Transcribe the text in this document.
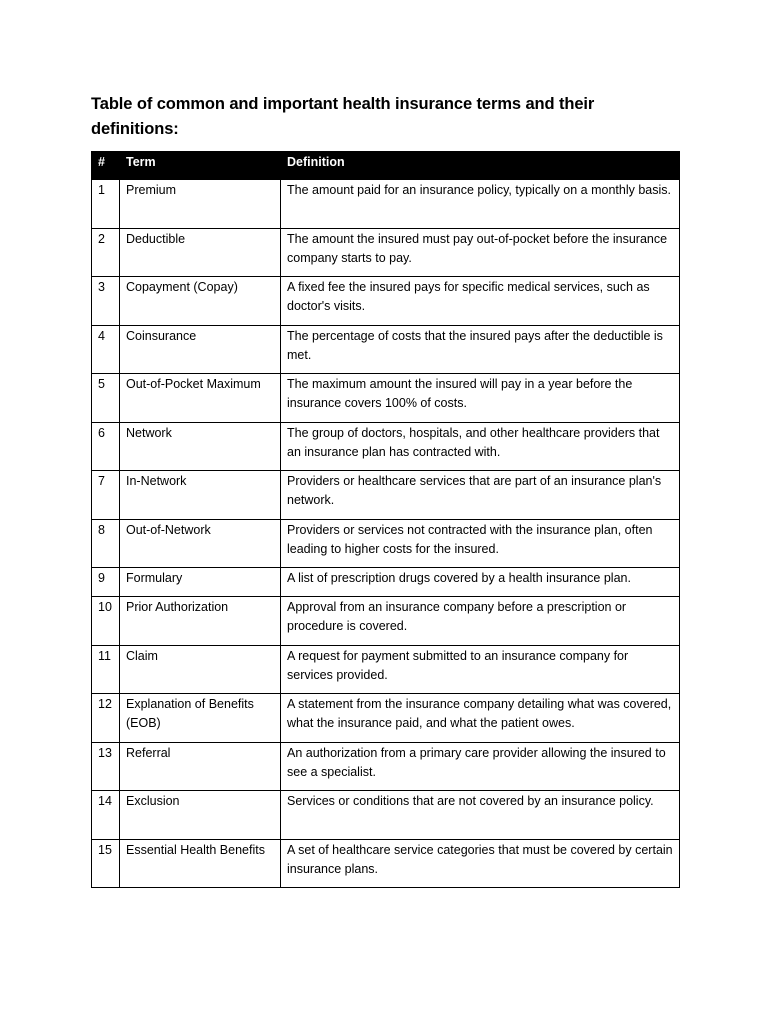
Table of common and important health insurance terms and their definitions:
#	Term	Definition
1	Premium	The amount paid for an insurance policy, typically on a monthly basis.
2	Deductible	The amount the insured must pay out-of-pocket before the insurance company starts to pay.
3	Copayment (Copay)	A fixed fee the insured pays for specific medical services, such as doctor's visits.
4	Coinsurance	The percentage of costs that the insured pays after the deductible is met.
5	Out-of-Pocket Maximum	The maximum amount the insured will pay in a year before the insurance covers 100% of costs.
6	Network	The group of doctors, hospitals, and other healthcare providers that an insurance plan has contracted with.
7	In-Network	Providers or healthcare services that are part of an insurance plan's network.
8	Out-of-Network	Providers or services not contracted with the insurance plan, often leading to higher costs for the insured.
9	Formulary	A list of prescription drugs covered by a health insurance plan.
10	Prior Authorization	Approval from an insurance company before a prescription or procedure is covered.
11	Claim	A request for payment submitted to an insurance company for services provided.
12	Explanation of Benefits (EOB)	A statement from the insurance company detailing what was covered, what the insurance paid, and what the patient owes.
13	Referral	An authorization from a primary care provider allowing the insured to see a specialist.
14	Exclusion	Services or conditions that are not covered by an insurance policy.
15	Essential Health Benefits	A set of healthcare service categories that must be covered by certain insurance plans.
